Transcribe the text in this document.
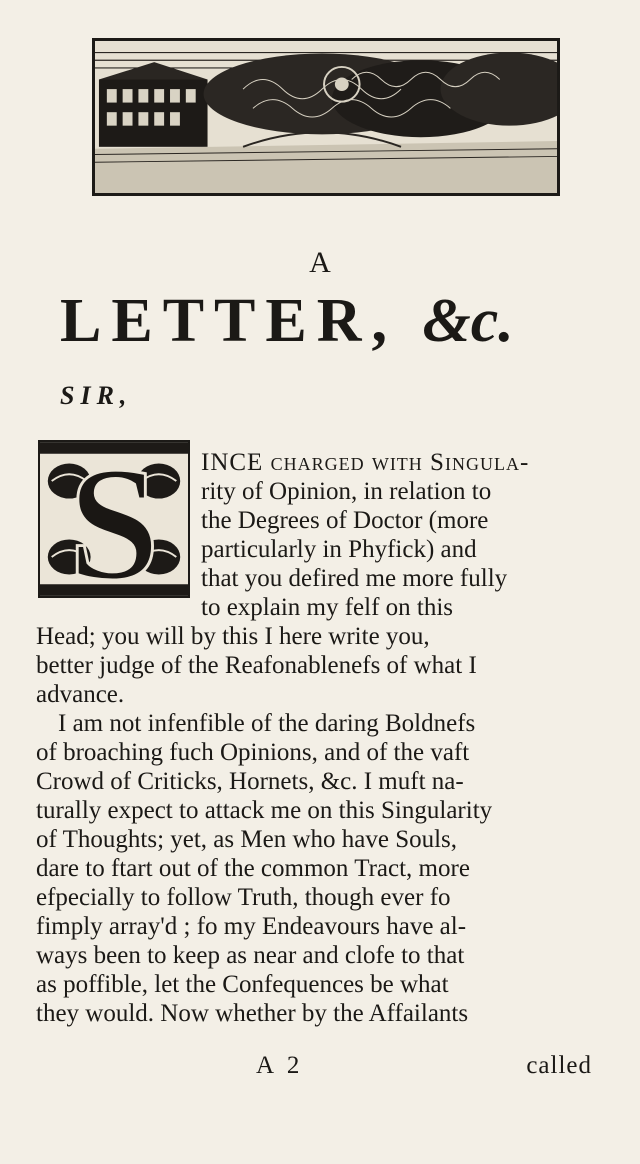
A
LETTER, &c.
SIR,
S INCE charged with Singula-
rity of Opinion, in relation to
the Degrees of Doctor (more
particularly in Phyfick) and
that you defired me more fully
to explain my felf on this
Head; you will by this I here write you,
better judge of the Reafonablenefs of what I
advance.
I am not infenfible of the daring Boldnefs
of broaching fuch Opinions, and of the vaft
Crowd of Criticks, Hornets, &c. I muft na-
turally expect to attack me on this Singularity
of Thoughts; yet, as Men who have Souls,
dare to ftart out of the common Tract, more
efpecially to follow Truth, though ever fo
fimply array'd ; fo my Endeavours have al-
ways been to keep as near and clofe to that
as poffible, let the Confequences be what
they would. Now whether by the Affailants
A 2	called
